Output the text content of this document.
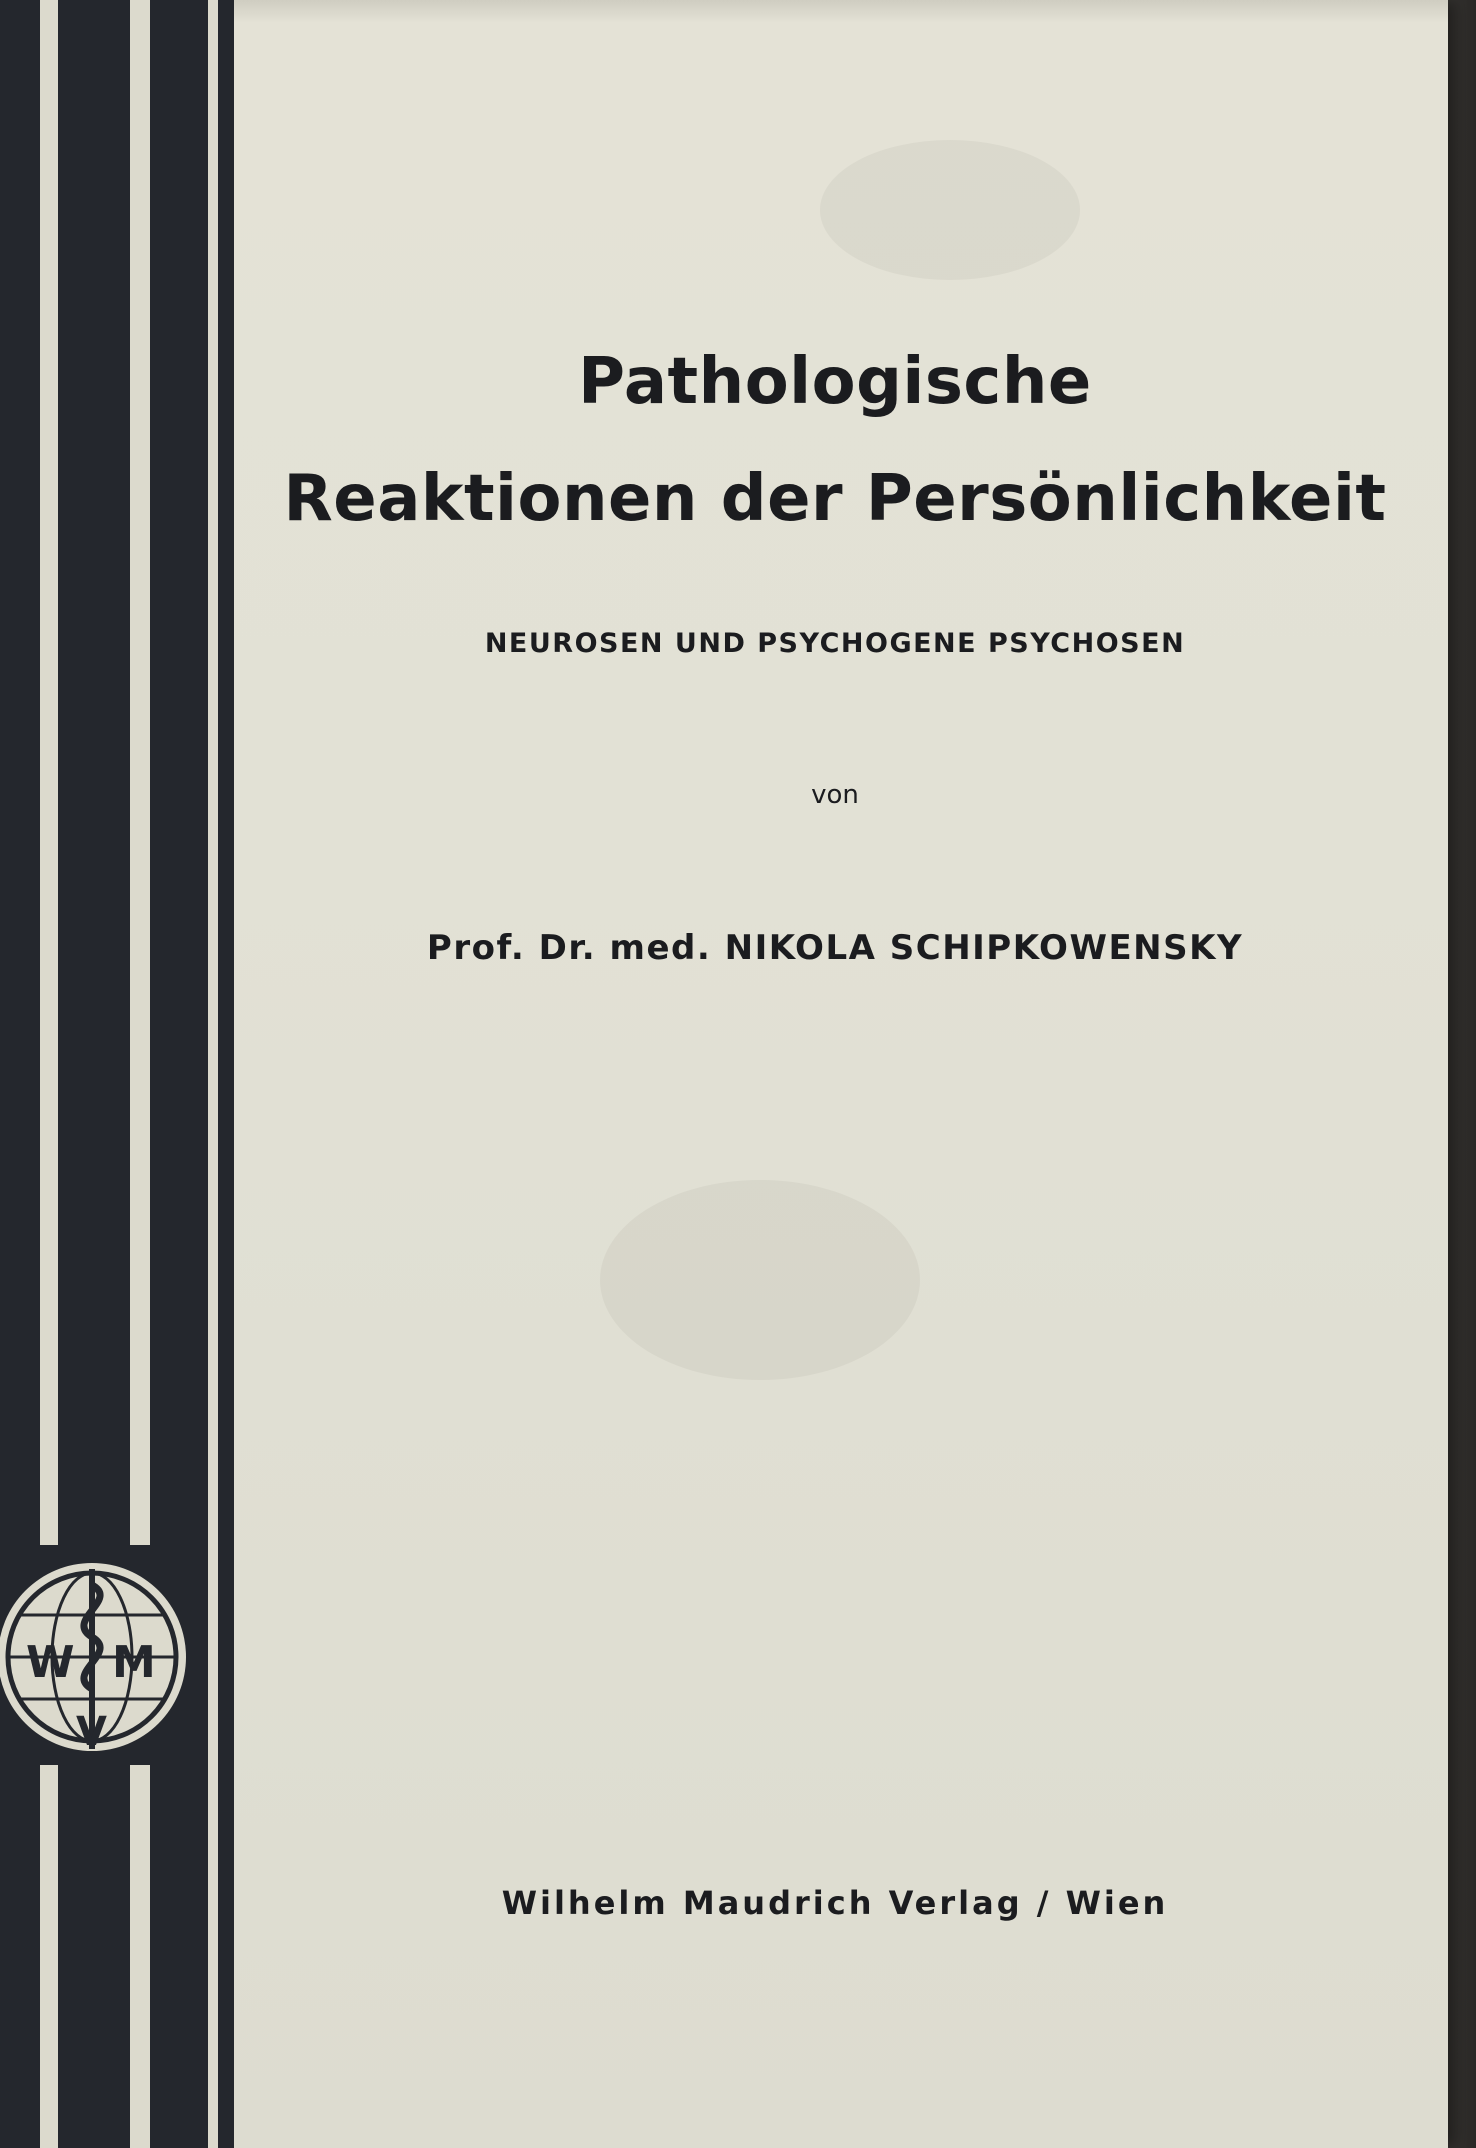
W M
V
Pathologische
Reaktionen der Persönlichkeit
NEUROSEN UND PSYCHOGENE PSYCHOSEN
von
Prof. Dr. med. NIKOLA SCHIPKOWENSKY
Wilhelm Maudrich Verlag / Wien
